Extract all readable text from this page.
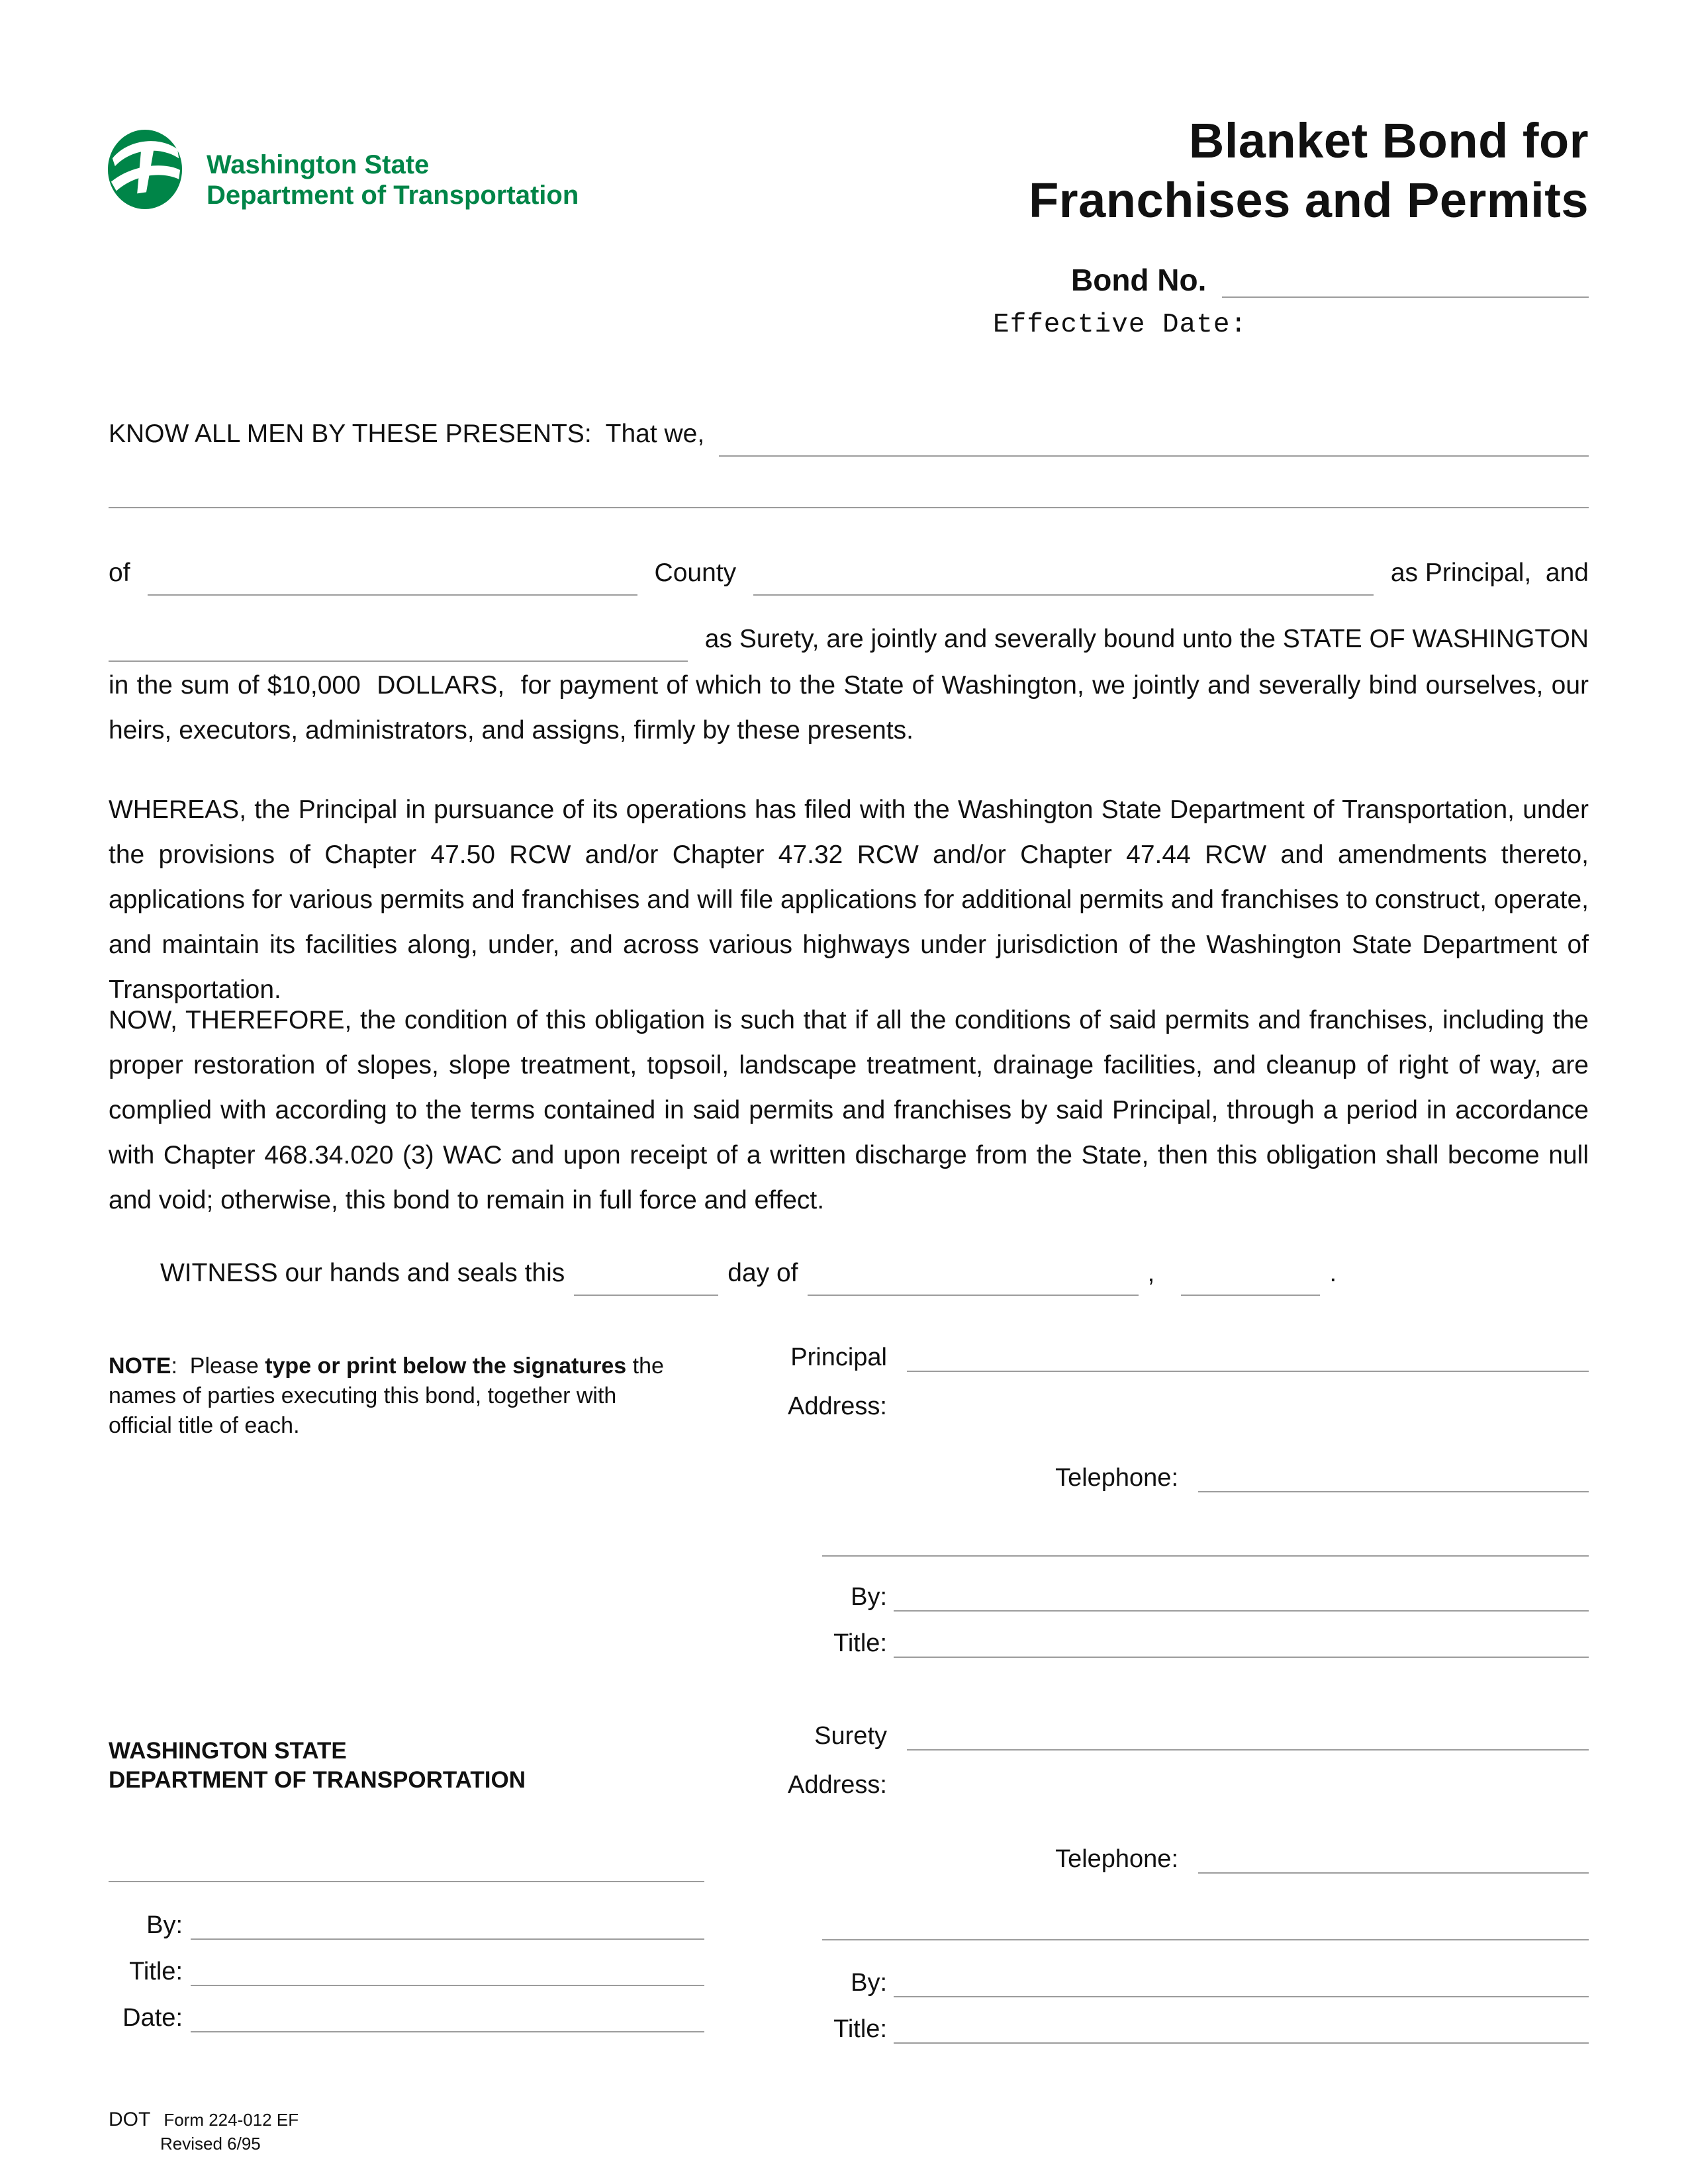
Washington State
Department of Transportation
Blanket Bond for
Franchises and Permits
Bond No.
Effective Date:
KNOW ALL MEN BY THESE PRESENTS:  That we,
of	County	as Principal,  and
as Surety, are jointly and severally bound unto the STATE OF WASHINGTON
in the sum of $10,000  DOLLARS,  for payment of which to the State of Washington, we jointly and severally bind ourselves, our heirs, executors, administrators, and assigns, firmly by these presents.
WHEREAS, the Principal in pursuance of its operations has filed with the Washington State Department of Transportation, under the provisions of Chapter 47.50 RCW and/or Chapter 47.32 RCW and/or Chapter 47.44 RCW and amendments thereto, applications for various permits and franchises and will file applications for additional permits and franchises to construct, operate, and maintain its facilities along, under, and across various highways under jurisdiction of the Washington State Department of Transportation.
NOW, THEREFORE, the condition of this obligation is such that if all the conditions of said permits and franchises, including the proper restoration of slopes, slope treatment, topsoil, landscape treatment, drainage facilities, and cleanup of right of way, are complied with according to the terms contained in said permits and franchises by said Principal, through a period in accordance with Chapter 468.34.020 (3) WAC and upon receipt of a written discharge from the State, then this obligation shall become null and void; otherwise, this bond to remain in full force and effect.
WITNESS our hands and seals this	day of	,	.
NOTE:  Please type or print below the signatures the names of parties executing this bond, together with official title of each.
Principal
Address:
Telephone:
By:
Title:
WASHINGTON STATE
DEPARTMENT OF TRANSPORTATION
By:
Title:
Date:
Surety
Address:
Telephone:
By:
Title:
DOT Form 224-012 EF
Revised 6/95
